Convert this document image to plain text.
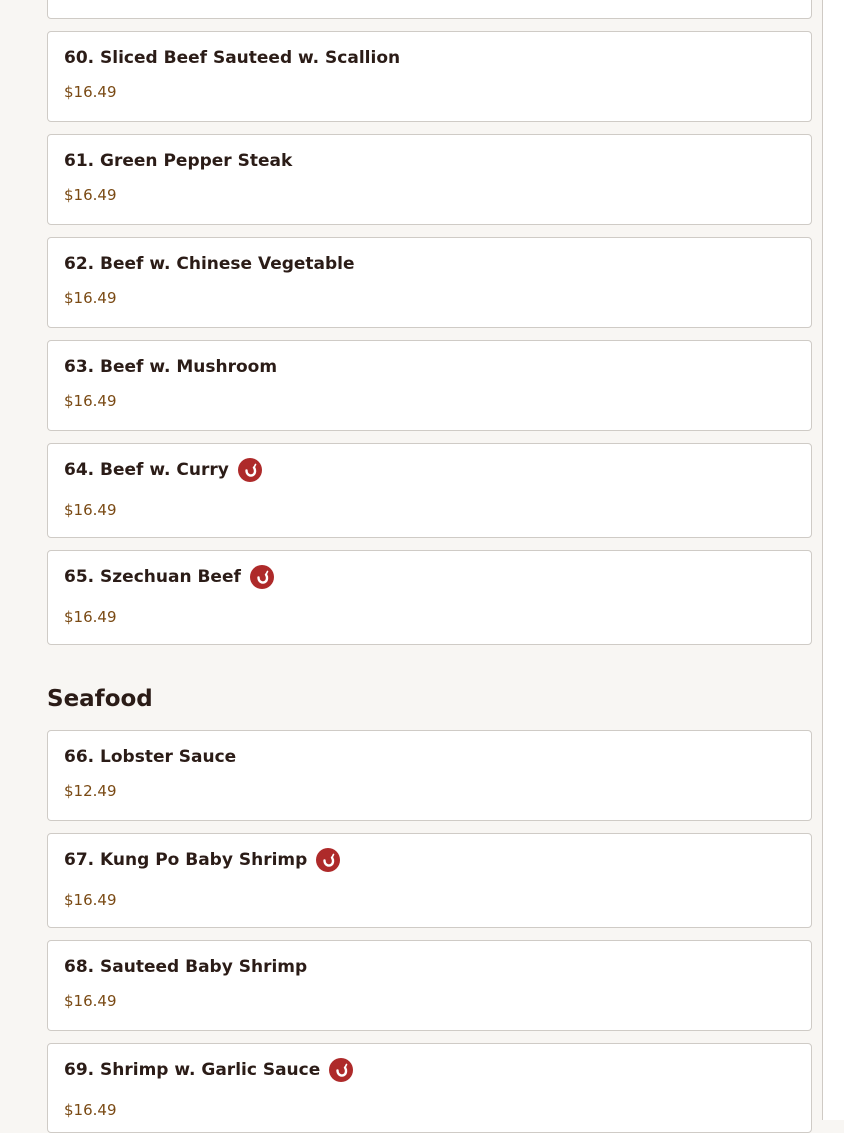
60. Sliced Beef Sauteed w. Scallion
$16.49
61. Green Pepper Steak
$16.49
62. Beef w. Chinese Vegetable
$16.49
63. Beef w. Mushroom
$16.49
64. Beef w. Curry
$16.49
65. Szechuan Beef
$16.49
Seafood
66. Lobster Sauce
$12.49
67. Kung Po Baby Shrimp
$16.49
68. Sauteed Baby Shrimp
$16.49
69. Shrimp w. Garlic Sauce
$16.49
